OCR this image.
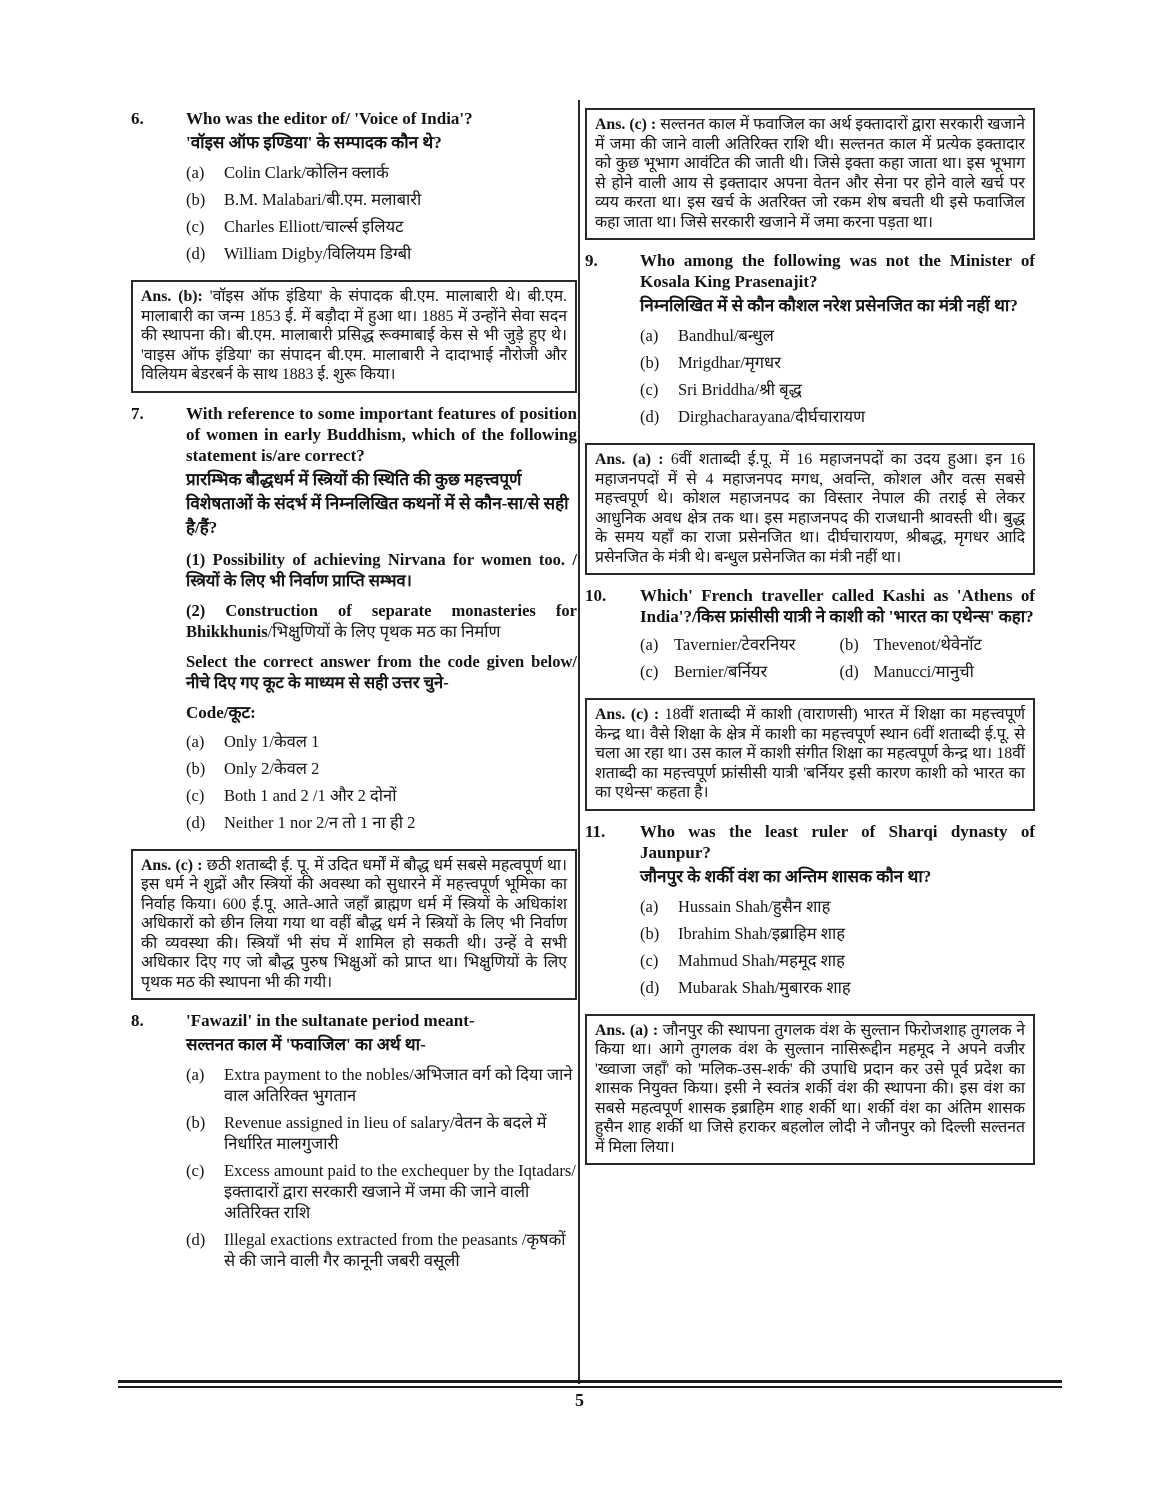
6.	Who was the editor of/ 'Voice of India'?

'वॉइस ऑफ इण्डिया' के सम्पादक कौन थे?

(a)	Colin Clark/कोलिन क्लार्क
(b)	B.M. Malabari/बी.एम. मलाबारी
(c)	Charles Elliott/चार्ल्स इलियट
(d)	William Digby/विलियम डिग्बी
Ans. (b): 'वॉइस ऑफ इंडिया' के संपादक बी.एम. मालाबारी थे। बी.एम. मालाबारी का जन्म 1853 ई. में बड़ौदा में हुआ था। 1885 में उन्होंने सेवा सदन की स्थापना की। बी.एम. मालाबारी प्रसिद्ध रूक्माबाई केस से भी जुड़े हुए थे। 'वाइस ऑफ इंडिया' का संपादन बी.एम. मालाबारी ने दादाभाई नौरोजी और विलियम बेडरबर्न के साथ 1883 ई. शुरू किया।
7.	With reference to some important features of position of women in early Buddhism, which of the following statement is/are correct?

प्रारम्भिक बौद्धधर्म में स्त्रियों की स्थिति की कुछ महत्त्वपूर्ण विशेषताओं के संदर्भ में निम्नलिखित कथनों में से कौन-सा/से सही है/हैं?

(1) Possibility of achieving Nirvana for women too. / स्त्रियों के लिए भी निर्वाण प्राप्ति सम्भव।

(2) Construction of separate monasteries for Bhikkhunis/भिक्षुणियों के लिए पृथक मठ का निर्माण

Select the correct answer from the code given below/नीचे दिए गए कूट के माध्यम से सही उत्तर चुने-

Code/कूट:

(a)	Only 1/केवल 1
(b)	Only 2/केवल 2
(c)	Both 1 and 2 /1 और 2 दोनों
(d)	Neither 1 nor 2/न तो 1 ना ही 2
Ans. (c) : छठी शताब्दी ई. पू. में उदित धर्मों में बौद्ध धर्म सबसे महत्वपूर्ण था। इस धर्म ने शुद्रों और स्त्रियों की अवस्था को सुधारने में महत्त्वपूर्ण भूमिका का निर्वाह किया। 600 ई.पू. आते-आते जहाँ ब्राह्मण धर्म में स्त्रियों के अधिकांश अधिकारों को छीन लिया गया था वहीं बौद्ध धर्म ने स्त्रियों के लिए भी निर्वाण की व्यवस्था की। स्त्रियाँ भी संघ में शामिल हो सकती थी। उन्हें वे सभी अधिकार दिए गए जो बौद्ध पुरुष भिक्षुओं को प्राप्त था। भिक्षुणियों के लिए पृथक मठ की स्थापना भी की गयी।
8.	'Fawazil' in the sultanate period meant-

सल्तनत काल में 'फवाजिल' का अर्थ था-

(a)	Extra payment to the nobles/अभिजात वर्ग को दिया जाने वाल अतिरिक्त भुगतान
(b)	Revenue assigned in lieu of salary/वेतन के बदले में निर्धारित मालगुजारी
(c)	Excess amount paid to the exchequer by the Iqtadars/इक्तादारों द्वारा सरकारी खजाने में जमा की जाने वाली अतिरिक्त राशि
(d)	Illegal exactions extracted from the peasants /कृषकों से की जाने वाली गैर कानूनी जबरी वसूली
Ans. (c) : सल्तनत काल में फवाजिल का अर्थ इक्तादारों द्वारा सरकारी खजाने में जमा की जाने वाली अतिरिक्त राशि थी। सल्तनत काल में प्रत्येक इक्तादार को कुछ भूभाग आवंटित की जाती थी। जिसे इक्ता कहा जाता था। इस भूभाग से होने वाली आय से इक्तादार अपना वेतन और सेना पर होने वाले खर्च पर व्यय करता था। इस खर्च के अतरिक्त जो रकम शेष बचती थी इसे फवाजिल कहा जाता था। जिसे सरकारी खजाने में जमा करना पड़ता था।
9.	Who among the following was not the Minister of Kosala King Prasenajit?

निम्नलिखित में से कौन कौशल नरेश प्रसेनजित का मंत्री नहीं था?

(a)	Bandhul/बन्धुल
(b)	Mrigdhar/मृगधर
(c)	Sri Briddha/श्री बृद्ध
(d)	Dirghacharayana/दीर्घचारायण
Ans. (a) : 6वीं शताब्दी ई.पू. में 16 महाजनपदों का उदय हुआ। इन 16 महाजनपदों में से 4 महाजनपद मगध, अवन्ति, कोशल और वत्स सबसे महत्त्वपूर्ण थे। कोशल महाजनपद का विस्तार नेपाल की तराई से लेकर आधुनिक अवध क्षेत्र तक था। इस महाजनपद की राजधानी श्रावस्ती थी। बुद्ध के समय यहाँ का राजा प्रसेनजित था। दीर्घचारायण, श्रीबद्ध, मृगधर आदि प्रसेनजित के मंत्री थे। बन्धुल प्रसेनजित का मंत्री नहीं था।
10.	Which' French traveller called Kashi as 'Athens of India'?/किस फ्रांसीसी यात्री ने काशी को 'भारत का एथेन्स' कहा?

(a) Tavernier/टेवरनियर	(b) Thevenot/थेवेनॉट
(c) Bernier/बर्नियर	(d) Manucci/मानुची
Ans. (c) : 18वीं शताब्दी में काशी (वाराणसी) भारत में शिक्षा का महत्त्वपूर्ण केन्द्र था। वैसे शिक्षा के क्षेत्र में काशी का महत्त्वपूर्ण स्थान 6वीं शताब्दी ई.पू. से चला आ रहा था। उस काल में काशी संगीत शिक्षा का महत्वपूर्ण केन्द्र था। 18वीं शताब्दी का महत्त्वपूर्ण फ्रांसीसी यात्री 'बर्नियर इसी कारण काशी को भारत का का एथेन्स' कहता है।
11.	Who was the least ruler of Sharqi dynasty of Jaunpur?

जौनपुर के शर्की वंश का अन्तिम शासक कौन था?

(a)	Hussain Shah/हुसैन शाह
(b)	Ibrahim Shah/इब्राहिम शाह
(c)	Mahmud Shah/महमूद शाह
(d)	Mubarak Shah/मुबारक शाह
Ans. (a) : जौनपुर की स्थापना तुगलक वंश के सुल्तान फिरोजशाह तुगलक ने किया था। आगे तुगलक वंश के सुल्तान नासिरूद्दीन महमूद ने अपने वजीर 'ख्वाजा जहाँ' को 'मलिक-उस-शर्क' की उपाधि प्रदान कर उसे पूर्व प्रदेश का शासक नियुक्त किया। इसी ने स्वतंत्र शर्की वंश की स्थापना की। इस वंश का सबसे महत्वपूर्ण शासक इब्राहिम शाह शर्की था। शर्की वंश का अंतिम शासक हुसैन शाह शर्की था जिसे हराकर बहलोल लोदी ने जौनपुर को दिल्ली सल्तनत में मिला लिया।
5
